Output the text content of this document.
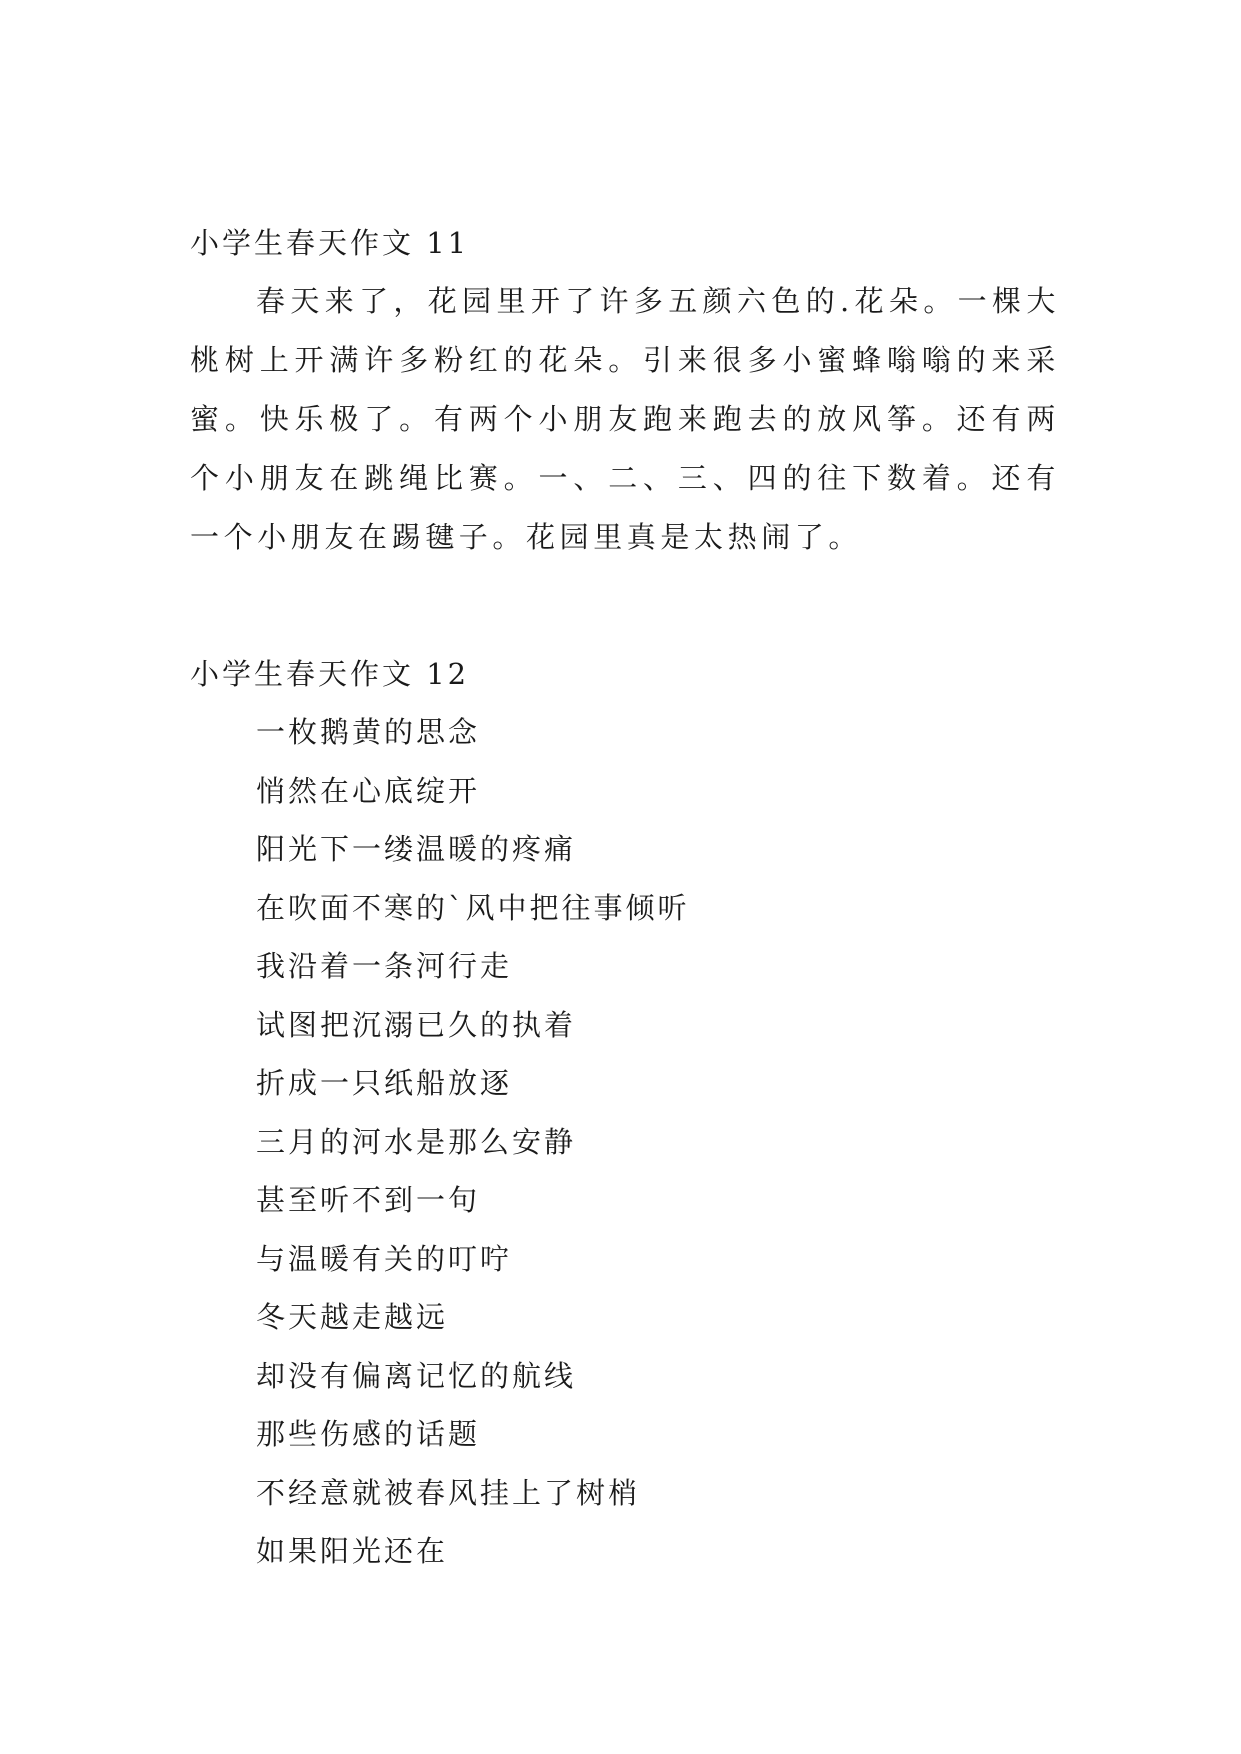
小学生春天作文 11
春天来了，花园里开了许多五颜六色的.花朵。一棵大桃树上开满许多粉红的花朵。引来很多小蜜蜂嗡嗡的来采蜜。快乐极了。有两个小朋友跑来跑去的放风筝。还有两个小朋友在跳绳比赛。一、二、三、四的往下数着。还有一个小朋友在踢毽子。花园里真是太热闹了。
小学生春天作文 12
一枚鹅黄的思念
悄然在心底绽开
阳光下一缕温暖的疼痛
在吹面不寒的`风中把往事倾听
我沿着一条河行走
试图把沉溺已久的执着
折成一只纸船放逐
三月的河水是那么安静
甚至听不到一句
与温暖有关的叮咛
冬天越走越远
却没有偏离记忆的航线
那些伤感的话题
不经意就被春风挂上了树梢
如果阳光还在
